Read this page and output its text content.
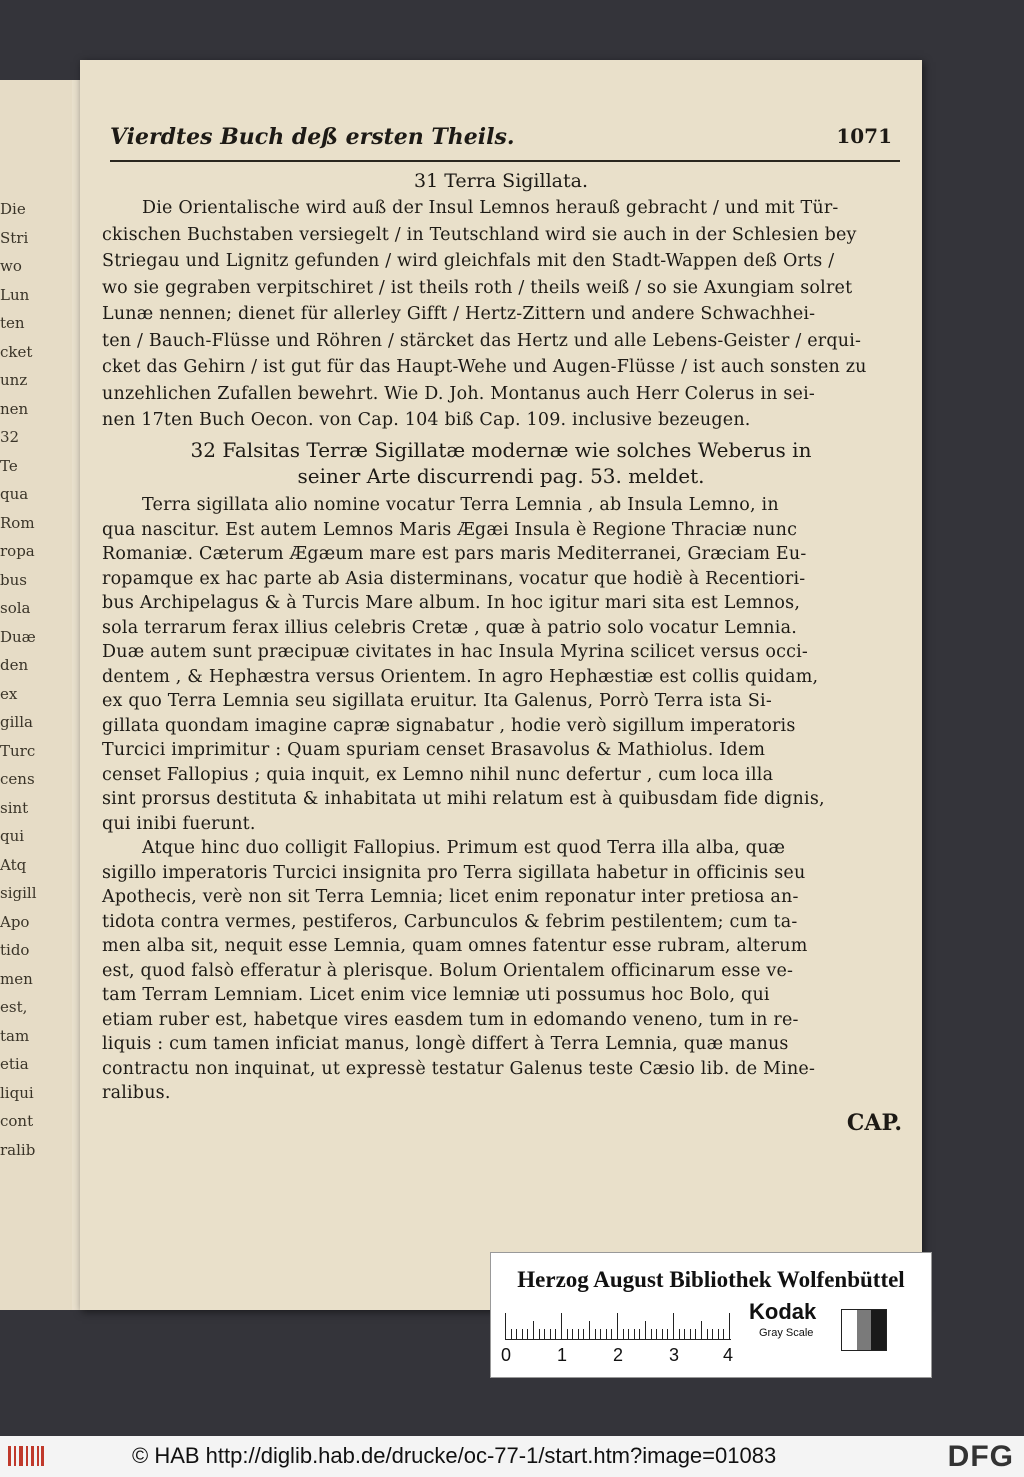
Die
Stri
wo
Lun
ten
cket
unz
nen
32
Te
qua
Rom
ropa
bus
sola
Duæ
den
ex
gilla
Turc
cens
sint
qui
Atq
sigill
Apo
tido
men
est,
tam
etia
liqui
cont
ralib
Vierdtes Buch deß ersten Theils.	1071
31 Terra Sigillata.
Die Orientalische wird auß der Insul Lemnos herauß gebracht / und mit Tür-
ckischen Buchstaben versiegelt / in Teutschland wird sie auch in der Schlesien bey
Striegau und Lignitz gefunden / wird gleichfals mit den Stadt-Wappen deß Orts /
wo sie gegraben verpitschiret / ist theils roth / theils weiß / so sie Axungiam solret
Lunæ nennen; dienet für allerley Gifft / Hertz-Zittern und andere Schwachhei-
ten / Bauch-Flüsse und Röhren / stärcket das Hertz und alle Lebens-Geister / erqui-
cket das Gehirn / ist gut für das Haupt-Wehe und Augen-Flüsse / ist auch sonsten zu
unzehlichen Zufallen bewehrt. Wie D. Joh. Montanus auch Herr Colerus in sei-
nen 17ten Buch Oecon. von Cap. 104 biß Cap. 109. inclusive bezeugen.
32 Falsitas Terræ Sigillatæ modernæ wie solches Weberus in
seiner Arte discurrendi pag. 53. meldet.
Terra sigillata alio nomine vocatur Terra Lemnia , ab Insula Lemno, in
qua nascitur. Est autem Lemnos Maris Ægæi Insula è Regione Thraciæ nunc
Romaniæ. Cæterum Ægæum mare est pars maris Mediterranei, Græciam Eu-
ropamque ex hac parte ab Asia disterminans, vocatur que hodiè à Recentiori-
bus Archipelagus & à Turcis Mare album. In hoc igitur mari sita est Lemnos,
sola terrarum ferax illius celebris Cretæ , quæ à patrio solo vocatur Lemnia.
Duæ autem sunt præcipuæ civitates in hac Insula Myrina scilicet versus occi-
dentem , & Hephæstra versus Orientem. In agro Hephæstiæ est collis quidam,
ex quo Terra Lemnia seu sigillata eruitur. Ita Galenus, Porrò Terra ista Si-
gillata quondam imagine capræ signabatur , hodie verò sigillum imperatoris
Turcici imprimitur : Quam spuriam censet Brasavolus & Mathiolus. Idem
censet Fallopius ; quia inquit, ex Lemno nihil nunc defertur , cum loca illa
sint prorsus destituta & inhabitata ut mihi relatum est à quibusdam fide dignis,
qui inibi fuerunt.
Atque hinc duo colligit Fallopius. Primum est quod Terra illa alba, quæ
sigillo imperatoris Turcici insignita pro Terra sigillata habetur in officinis seu
Apothecis, verè non sit Terra Lemnia; licet enim reponatur inter pretiosa an-
tidota contra vermes, pestiferos, Carbunculos & febrim pestilentem; cum ta-
men alba sit, nequit esse Lemnia, quam omnes fatentur esse rubram, alterum
est, quod falsò efferatur à plerisque. Bolum Orientalem officinarum esse ve-
tam Terram Lemniam. Licet enim vice lemniæ uti possumus hoc Bolo, qui
etiam ruber est, habetque vires easdem tum in edomando veneno, tum in re-
liquis : cum tamen inficiat manus, longè differt à Terra Lemnia, quæ manus
contractu non inquinat, ut expressè testatur Galenus teste Cæsio lib. de Mine-
ralibus.
CAP.
Herzog August Bibliothek Wolfenbüttel
0	1	2	3 4
Kodak
Gray Scale
© HAB http://diglib.hab.de/drucke/oc-77-1/start.htm?image=01083	DFG
